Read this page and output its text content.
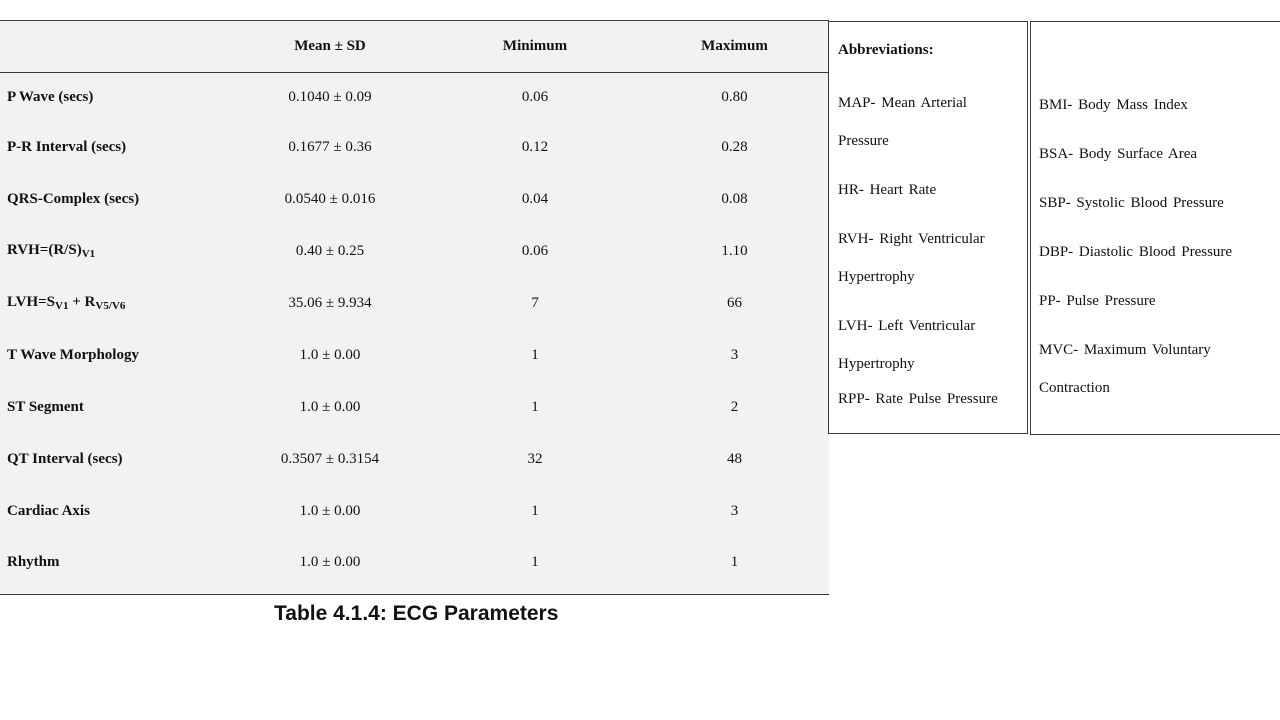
	Mean ± SD	Minimum	Maximum
P Wave (secs)	0.1040 ± 0.09	0.06	0.80
P-R Interval (secs)	0.1677 ± 0.36	0.12	0.28
QRS-Complex (secs)	0.0540 ± 0.016	0.04	0.08
$RVH=(R/S)_{V1}$	0.40 ± 0.25	0.06	1.10
$LVH=S_{V1} + R_{V5/V6}$	35.06 ± 9.934	7	66
T Wave Morphology	1.0 ± 0.00	1	3
ST Segment	1.0 ± 0.00	1	2
QT Interval (secs)	0.3507 ± 0.3154	32	48
Cardiac Axis	1.0 ± 0.00	1	3
Rhythm	1.0 ± 0.00	1	1
Table 4.1.4: ECG Parameters
Abbreviations:
MAP- Mean Arterial Pressure
HR- Heart Rate
RVH- Right Ventricular Hypertrophy
LVH- Left Ventricular Hypertrophy
RPP- Rate Pulse Pressure
BMI- Body Mass Index
BSA- Body Surface Area
SBP- Systolic Blood Pressure
DBP- Diastolic Blood Pressure
PP- Pulse Pressure
MVC- Maximum Voluntary Contraction
